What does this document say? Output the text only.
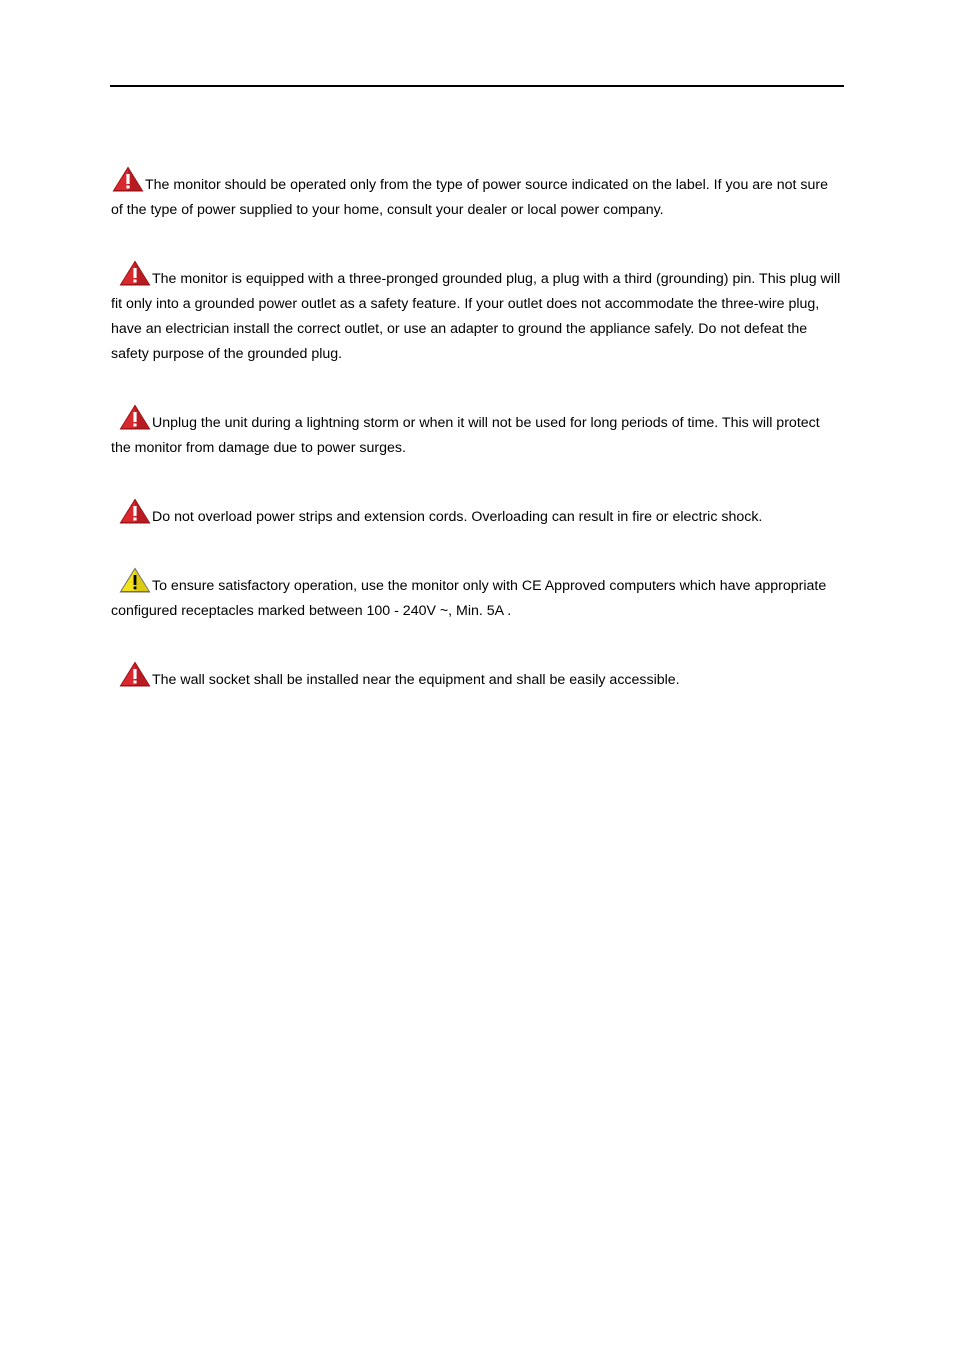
The monitor should be operated only from the type of power source indicated on the label. If you are not sure of the type of power supplied to your home, consult your dealer or local power company.

The monitor is equipped with a three-pronged grounded plug, a plug with a third (grounding) pin. This plug will fit only into a grounded power outlet as a safety feature. If your outlet does not accommodate the three-wire plug, have an electrician install the correct outlet, or use an adapter to ground the appliance safely. Do not defeat the safety purpose of the grounded plug.

Unplug the unit during a lightning storm or when it will not be used for long periods of time. This will protect the monitor from damage due to power surges.

Do not overload power strips and extension cords. Overloading can result in fire or electric shock.

To ensure satisfactory operation, use the monitor only with CE Approved computers which have appropriate configured receptacles marked between 100 - 240V ~, Min. 5A .

The wall socket shall be installed near the equipment and shall be easily accessible.
